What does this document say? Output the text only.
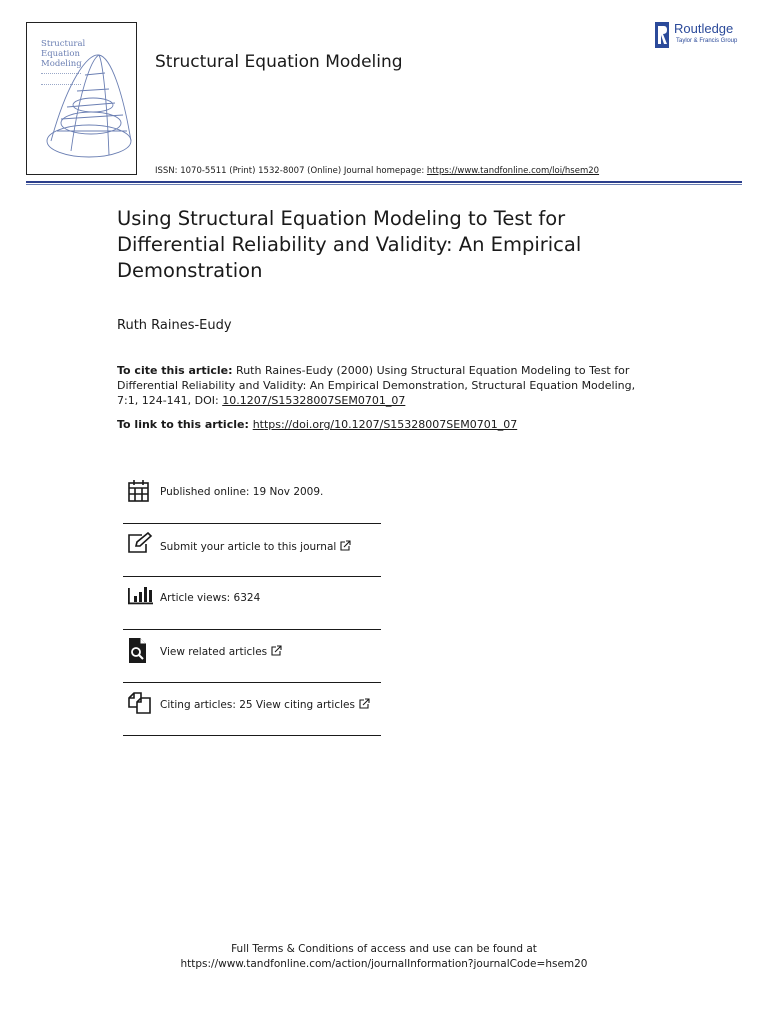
Structural
Equation
Modeling	Structural Equation Modeling
Routledge
Taylor & Francis Group
ISSN: 1070-5511 (Print) 1532-8007 (Online) Journal homepage: https://www.tandfonline.com/loi/hsem20
Using Structural Equation Modeling to Test for Differential Reliability and Validity: An Empirical Demonstration
Ruth Raines-Eudy
To cite this article: Ruth Raines-Eudy (2000) Using Structural Equation Modeling to Test for Differential Reliability and Validity: An Empirical Demonstration, Structural Equation Modeling, 7:1, 124-141, DOI: 10.1207/S15328007SEM0701_07
To link to this article: https://doi.org/10.1207/S15328007SEM0701_07
Published online: 19 Nov 2009.
Submit your article to this journal
Article views: 6324
View related articles
Citing articles: 25 View citing articles
Full Terms & Conditions of access and use can be found at
https://www.tandfonline.com/action/journalInformation?journalCode=hsem20
